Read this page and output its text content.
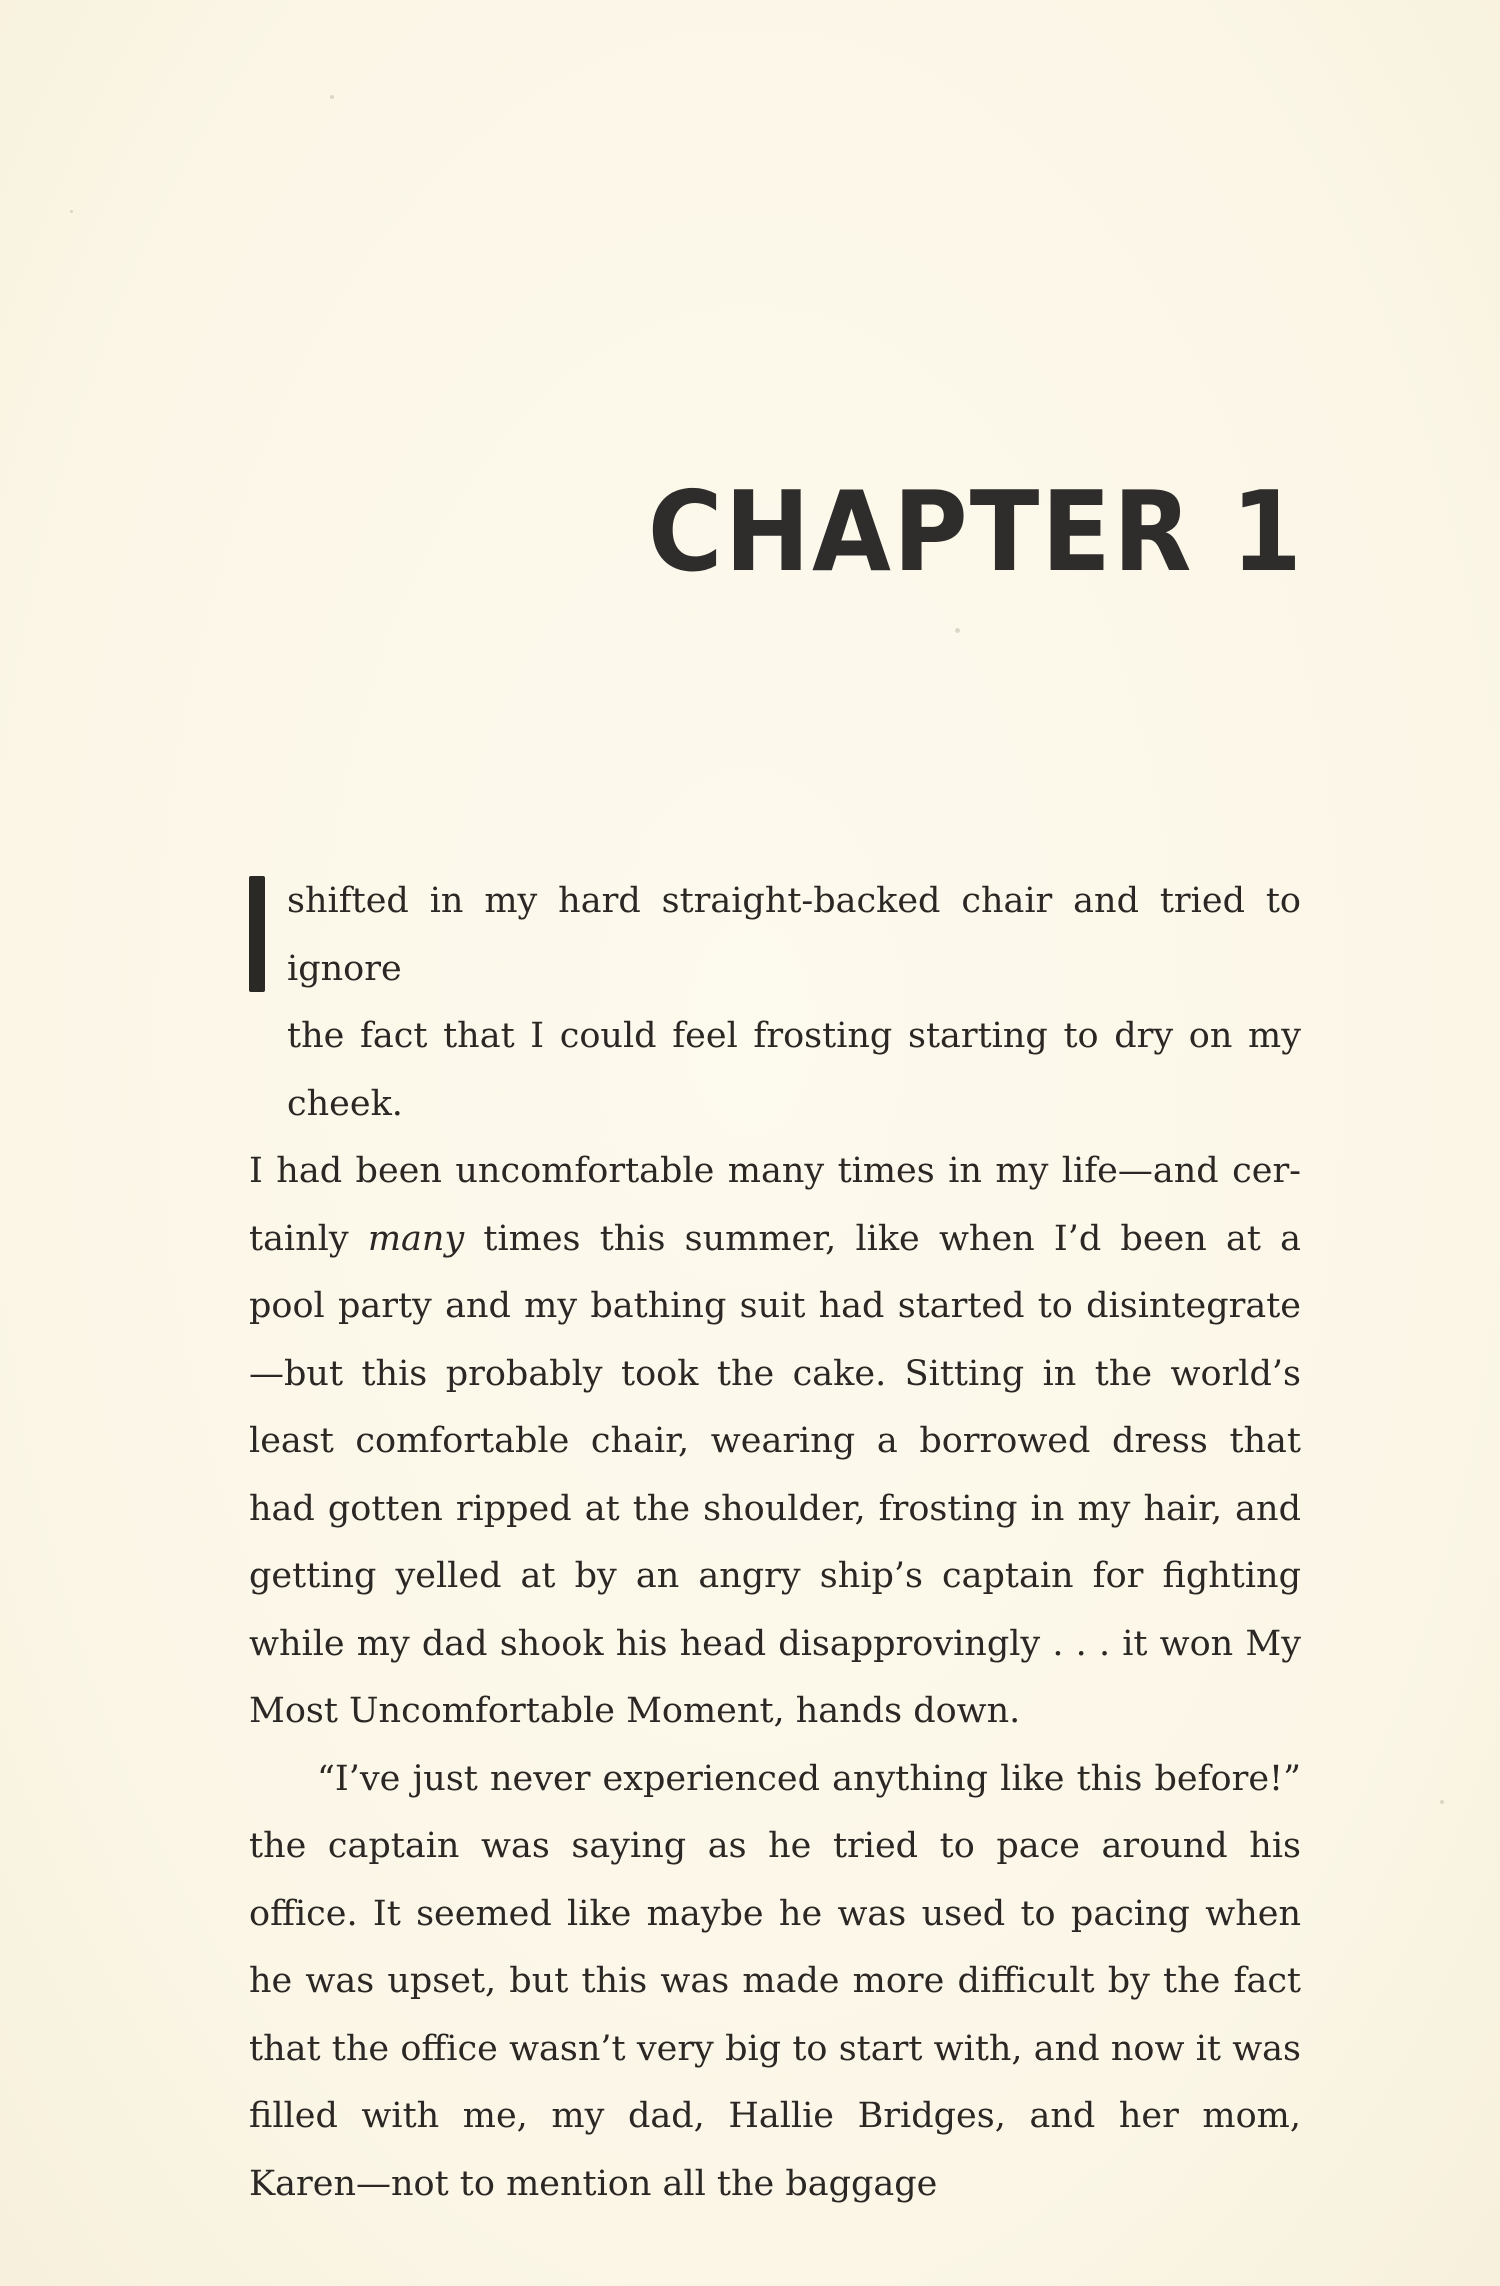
CHAPTER 1

shifted in my hard straight-backed chair and tried to ignore
the fact that I could feel frosting starting to dry on my cheek.

I had been uncomfortable many times in my life—and certainly many times this summer, like when I’d been at a pool party and my bathing suit had started to disintegrate—but this probably took the cake. Sitting in the world’s least comfortable chair, wearing a borrowed dress that had gotten ripped at the shoulder, frosting in my hair, and getting yelled at by an angry ship’s captain for fighting while my dad shook his head disapprovingly . . . it won My Most Uncomfortable Moment, hands down.

“I’ve just never experienced anything like this before!” the captain was saying as he tried to pace around his office. It seemed like maybe he was used to pacing when he was upset, but this was made more difficult by the fact that the office wasn’t very big to start with, and now it was filled with me, my dad, Hallie Bridges, and her mom, Karen—not to mention all the baggage
